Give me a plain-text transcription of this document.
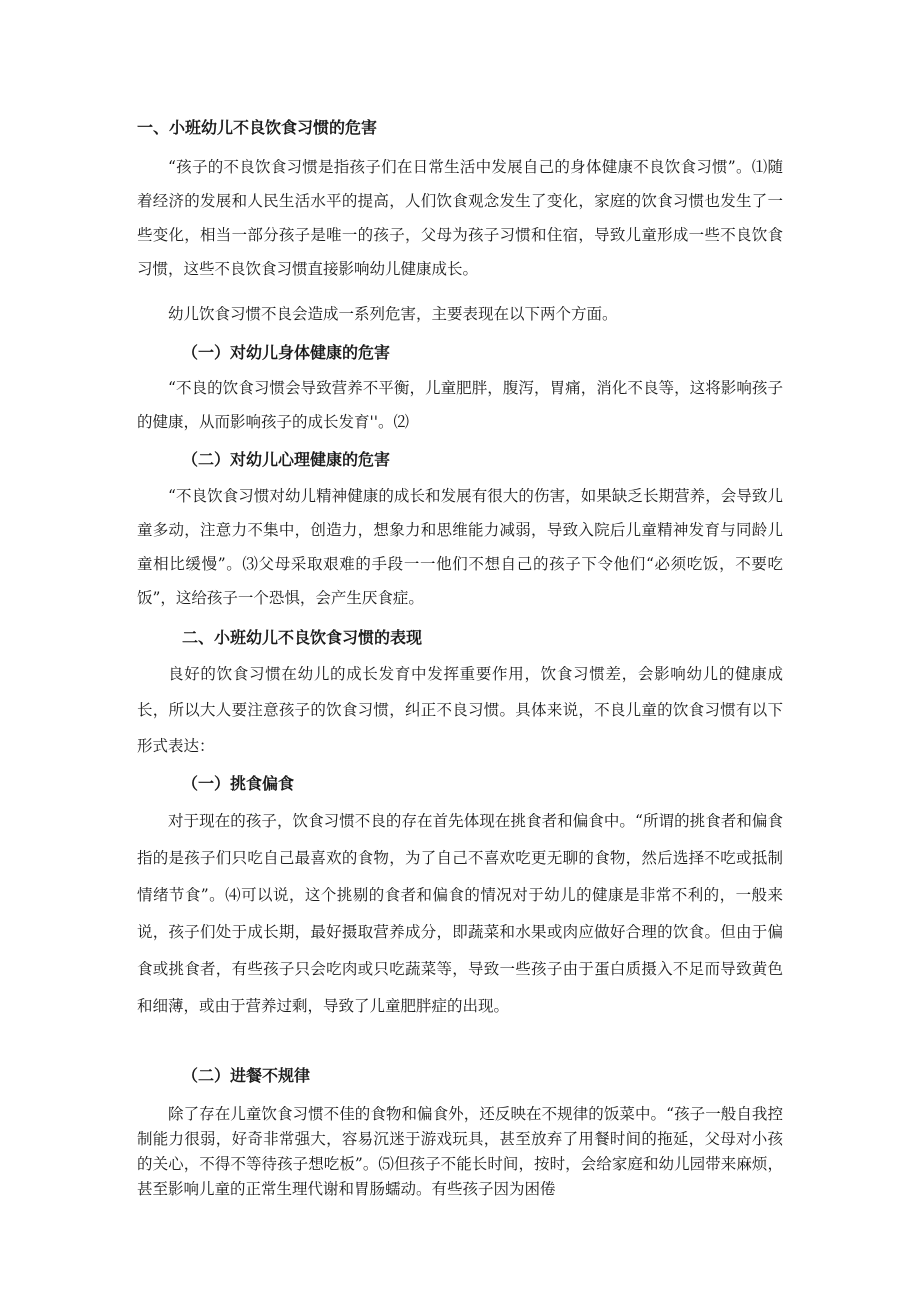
一、小班幼儿不良饮食习惯的危害

“孩子的不良饮食习惯是指孩子们在日常生活中发展自己的身体健康不良饮食习惯”。⑴随着经济的发展和人民生活水平的提高，人们饮食观念发生了变化，家庭的饮食习惯也发生了一些变化，相当一部分孩子是唯一的孩子，父母为孩子习惯和住宿，导致儿童形成一些不良饮食习惯，这些不良饮食习惯直接影响幼儿健康成长。

幼儿饮食习惯不良会造成一系列危害，主要表现在以下两个方面。

（一）对幼儿身体健康的危害

“不良的饮食习惯会导致营养不平衡，儿童肥胖，腹泻，胃痛，消化不良等，这将影响孩子的健康，从而影响孩子的成长发育''。⑵

（二）对幼儿心理健康的危害

“不良饮食习惯对幼儿精神健康的成长和发展有很大的伤害，如果缺乏长期营养，会导致儿童多动，注意力不集中，创造力，想象力和思维能力减弱，导致入院后儿童精神发育与同龄儿童相比缓慢”。⑶父母采取艰难的手段一一他们不想自己的孩子下令他们“必须吃饭，不要吃饭”，这给孩子一个恐惧，会产生厌食症。

二、小班幼儿不良饮食习惯的表现

良好的饮食习惯在幼儿的成长发育中发挥重要作用，饮食习惯差，会影响幼儿的健康成长，所以大人要注意孩子的饮食习惯，纠正不良习惯。具体来说，不良儿童的饮食习惯有以下形式表达：

（一）挑食偏食

对于现在的孩子，饮食习惯不良的存在首先体现在挑食者和偏食中。“所谓的挑食者和偏食指的是孩子们只吃自己最喜欢的食物，为了自己不喜欢吃更无聊的食物，然后选择不吃或抵制情绪节食”。⑷可以说，这个挑剔的食者和偏食的情况对于幼儿的健康是非常不利的，一般来说，孩子们处于成长期，最好摄取营养成分，即蔬菜和水果或肉应做好合理的饮食。但由于偏食或挑食者，有些孩子只会吃肉或只吃蔬菜等，导致一些孩子由于蛋白质摄入不足而导致黄色和细薄，或由于营养过剩，导致了儿童肥胖症的出现。

（二）进餐不规律

除了存在儿童饮食习惯不佳的食物和偏食外，还反映在不规律的饭菜中。“孩子一般自我控制能力很弱，好奇非常强大，容易沉迷于游戏玩具，甚至放弃了用餐时间的拖延，父母对小孩的关心，不得不等待孩子想吃板”。⑸但孩子不能长时间，按时，会给家庭和幼儿园带来麻烦，甚至影响儿童的正常生理代谢和胃肠蠕动。有些孩子因为困倦
